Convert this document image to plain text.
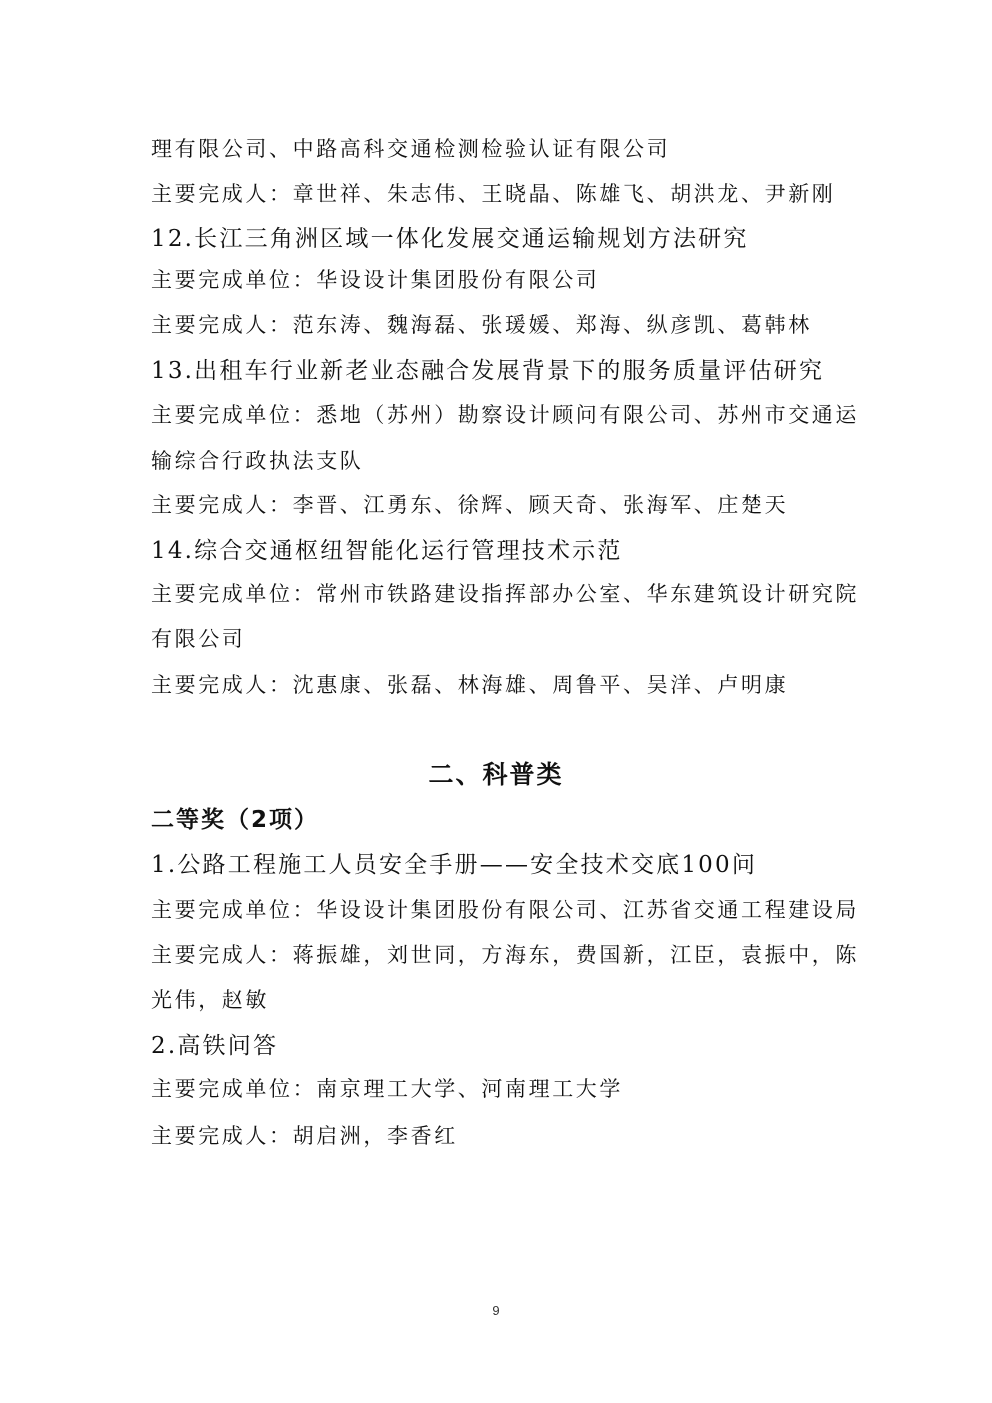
理有限公司、中路高科交通检测检验认证有限公司
主要完成人：章世祥、朱志伟、王晓晶、陈雄飞、胡洪龙、尹新刚
12.长江三角洲区域一体化发展交通运输规划方法研究
主要完成单位：华设设计集团股份有限公司
主要完成人：范东涛、魏海磊、张瑗媛、郑海、纵彦凯、葛韩林
13.出租车行业新老业态融合发展背景下的服务质量评估研究
主要完成单位：悉地（苏州）勘察设计顾问有限公司、苏州市交通运
输综合行政执法支队
主要完成人：李晋、江勇东、徐辉、顾天奇、张海军、庄楚天
14.综合交通枢纽智能化运行管理技术示范
主要完成单位：常州市铁路建设指挥部办公室、华东建筑设计研究院
有限公司
主要完成人：沈惠康、张磊、林海雄、周鲁平、吴洋、卢明康
二、科普类
二等奖（2项）
1.公路工程施工人员安全手册——安全技术交底100问
主要完成单位：华设设计集团股份有限公司、江苏省交通工程建设局
主要完成人：蒋振雄，刘世同，方海东，费国新，江臣，袁振中，陈
光伟，赵敏
2.高铁问答
主要完成单位：南京理工大学、河南理工大学
主要完成人：胡启洲，李香红
9
